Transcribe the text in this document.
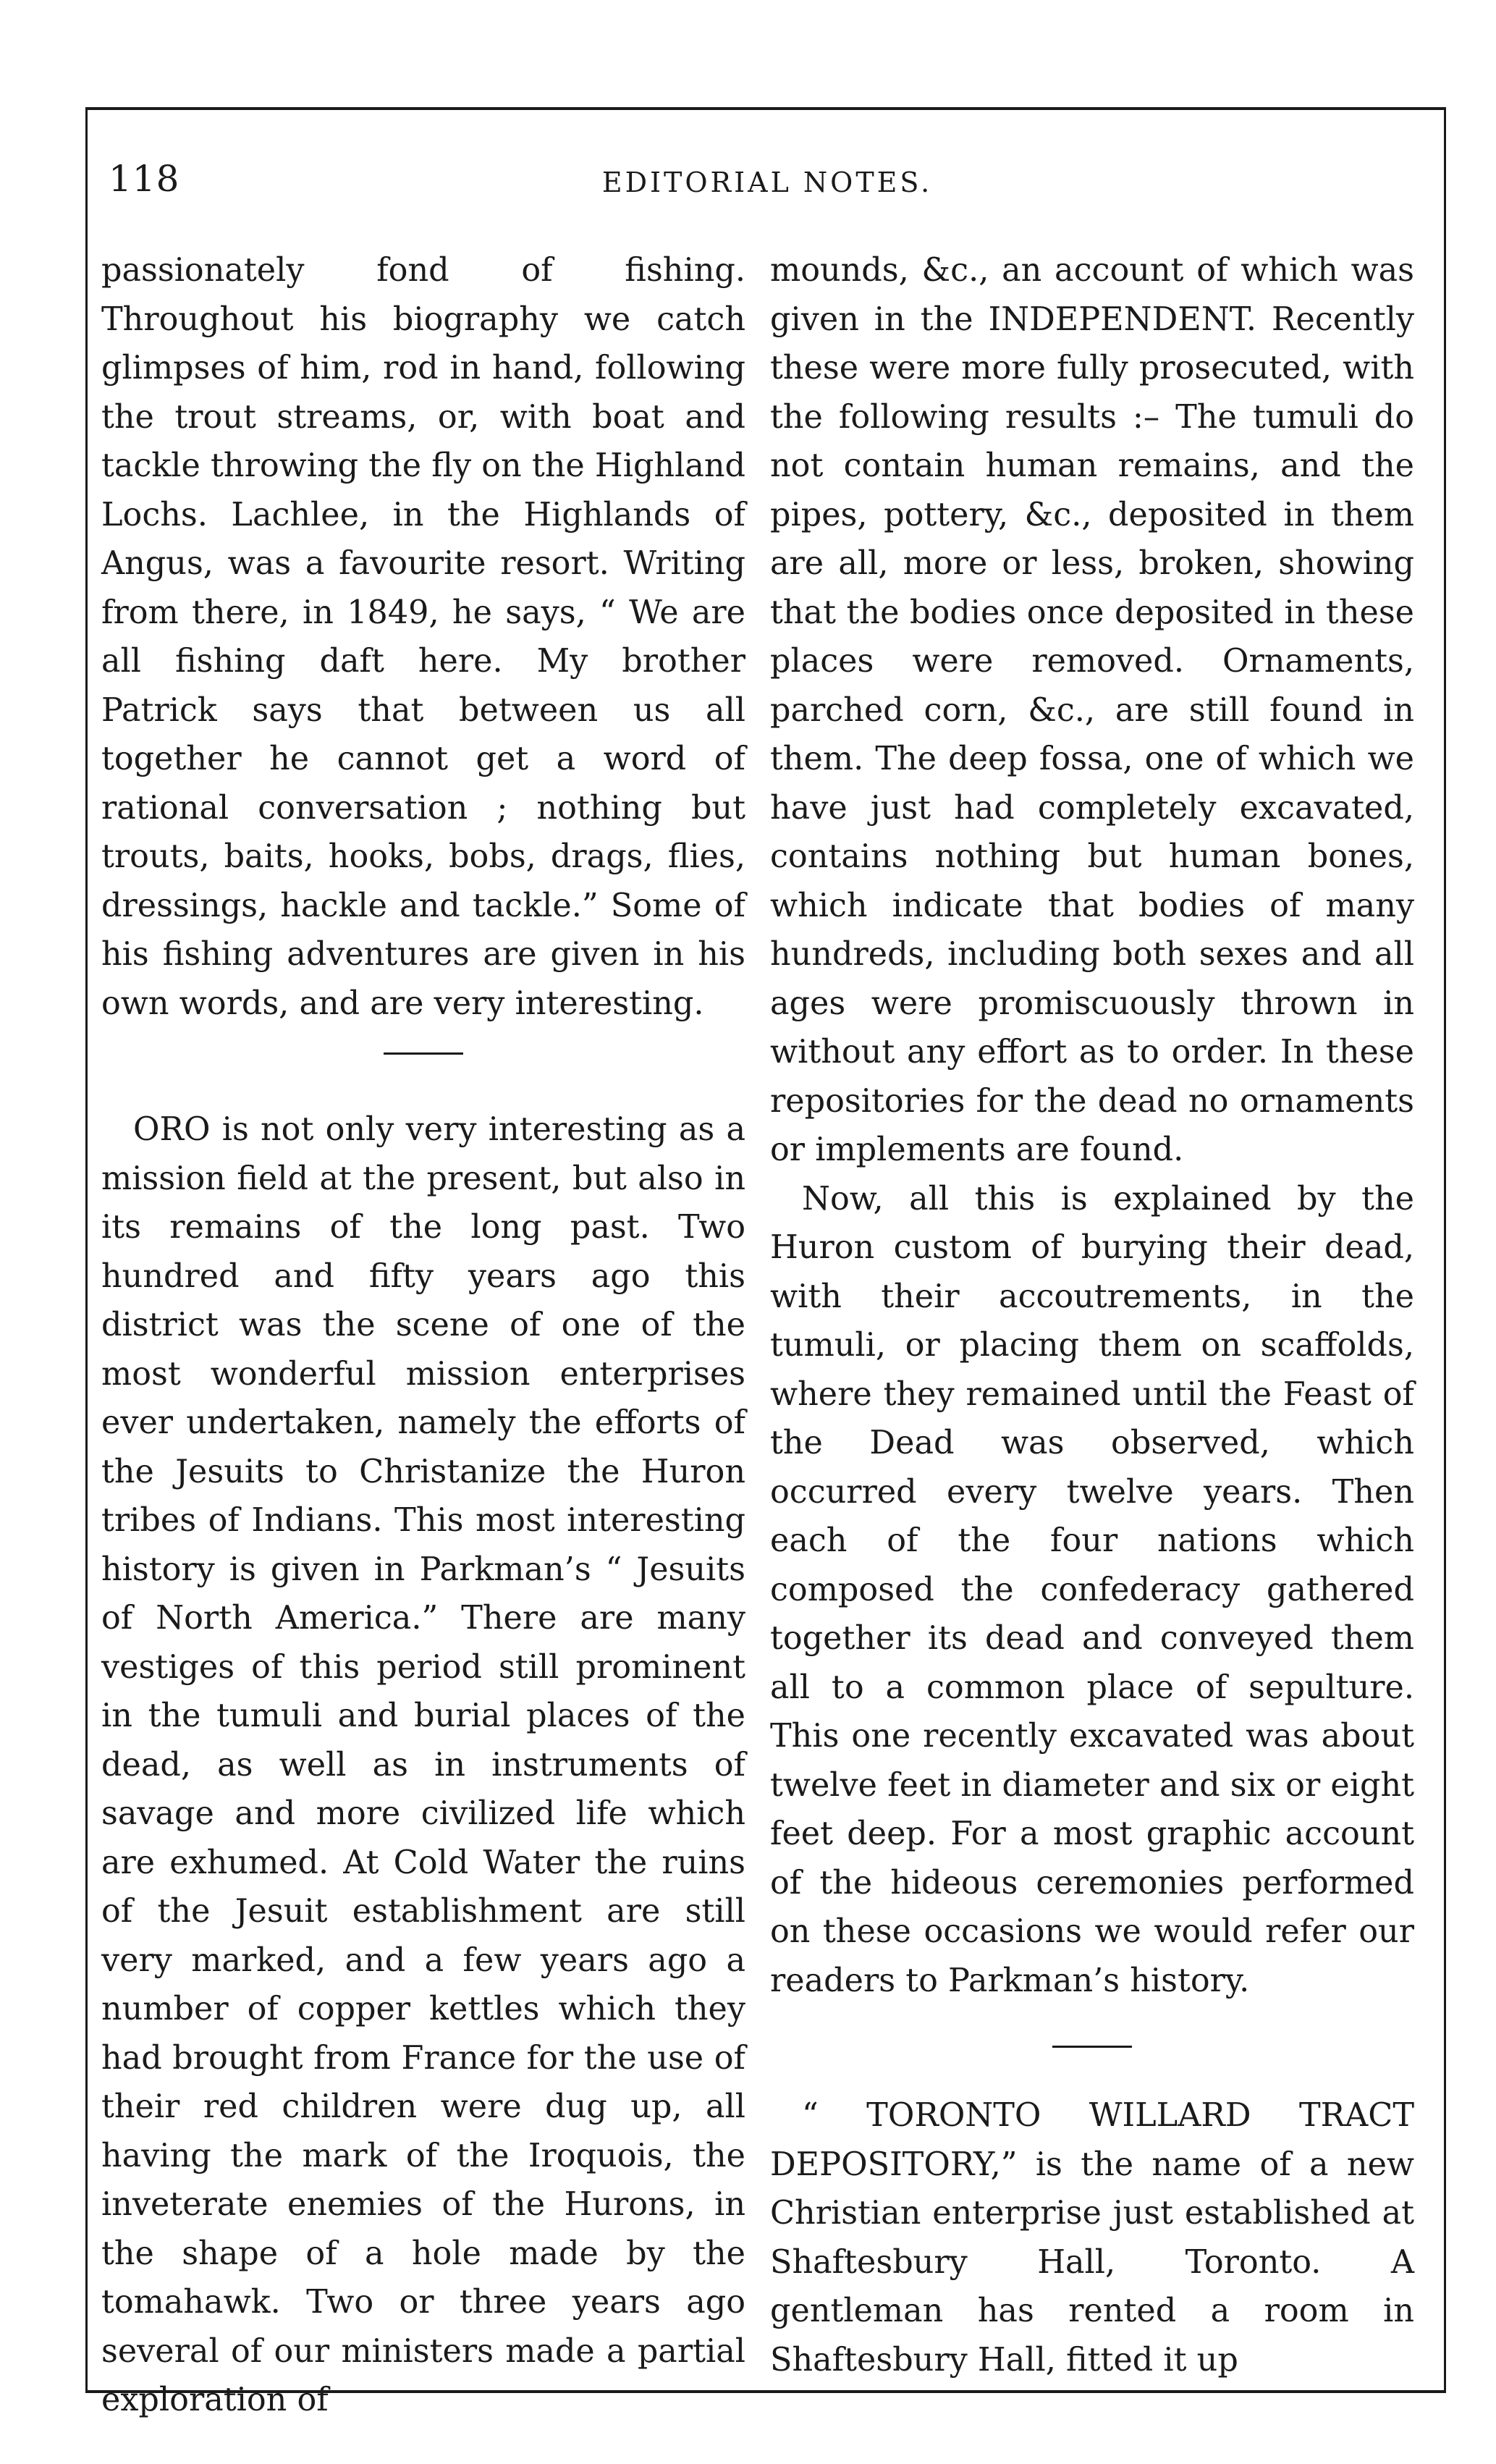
118	EDITORIAL NOTES.

passionately fond of fishing. Throughout his biography we catch glimpses of him, rod in hand, following the trout streams, or, with boat and tackle throwing the fly on the Highland Lochs. Lachlee, in the Highlands of Angus, was a favourite resort. Writing from there, in 1849, he says, “ We are all fishing daft here. My brother Patrick says that between us all together he cannot get a word of rational conversation ; nothing but trouts, baits, hooks, bobs, drags, flies, dressings, hackle and tackle.” Some of his fishing adventures are given in his own words, and are very interesting.

ORO is not only very interesting as a mission field at the present, but also in its remains of the long past. Two hundred and fifty years ago this district was the scene of one of the most wonderful mission enterprises ever undertaken, namely the efforts of the Jesuits to Christanize the Huron tribes of Indians. This most interesting history is given in Parkman’s “ Jesuits of North America.” There are many vestiges of this period still prominent in the tumuli and burial places of the dead, as well as in instruments of savage and more civilized life which are exhumed. At Cold Water the ruins of the Jesuit establishment are still very marked, and a few years ago a number of copper kettles which they had brought from France for the use of their red children were dug up, all having the mark of the Iroquois, the inveterate enemies of the Hurons, in the shape of a hole made by the tomahawk. Two or three years ago several of our ministers made a partial exploration of

mounds, &c., an account of which was given in the INDEPENDENT. Recently these were more fully prosecuted, with the following results :– The tumuli do not contain human remains, and the pipes, pottery, &c., deposited in them are all, more or less, broken, showing that the bodies once deposited in these places were removed. Ornaments, parched corn, &c., are still found in them. The deep fossa, one of which we have just had completely excavated, contains nothing but human bones, which indicate that bodies of many hundreds, including both sexes and all ages were promiscuously thrown in without any effort as to order. In these repositories for the dead no ornaments or implements are found.

Now, all this is explained by the Huron custom of burying their dead, with their accoutrements, in the tumuli, or placing them on scaffolds, where they remained until the Feast of the Dead was observed, which occurred every twelve years. Then each of the four nations which composed the confederacy gathered together its dead and conveyed them all to a common place of sepulture. This one recently excavated was about twelve feet in diameter and six or eight feet deep. For a most graphic account of the hideous ceremonies performed on these occasions we would refer our readers to Parkman’s history.

“ TORONTO WILLARD TRACT DEPOSITORY,” is the name of a new Christian enterprise just established at Shaftesbury Hall, Toronto. A gentleman has rented a room in Shaftesbury Hall, fitted it up
